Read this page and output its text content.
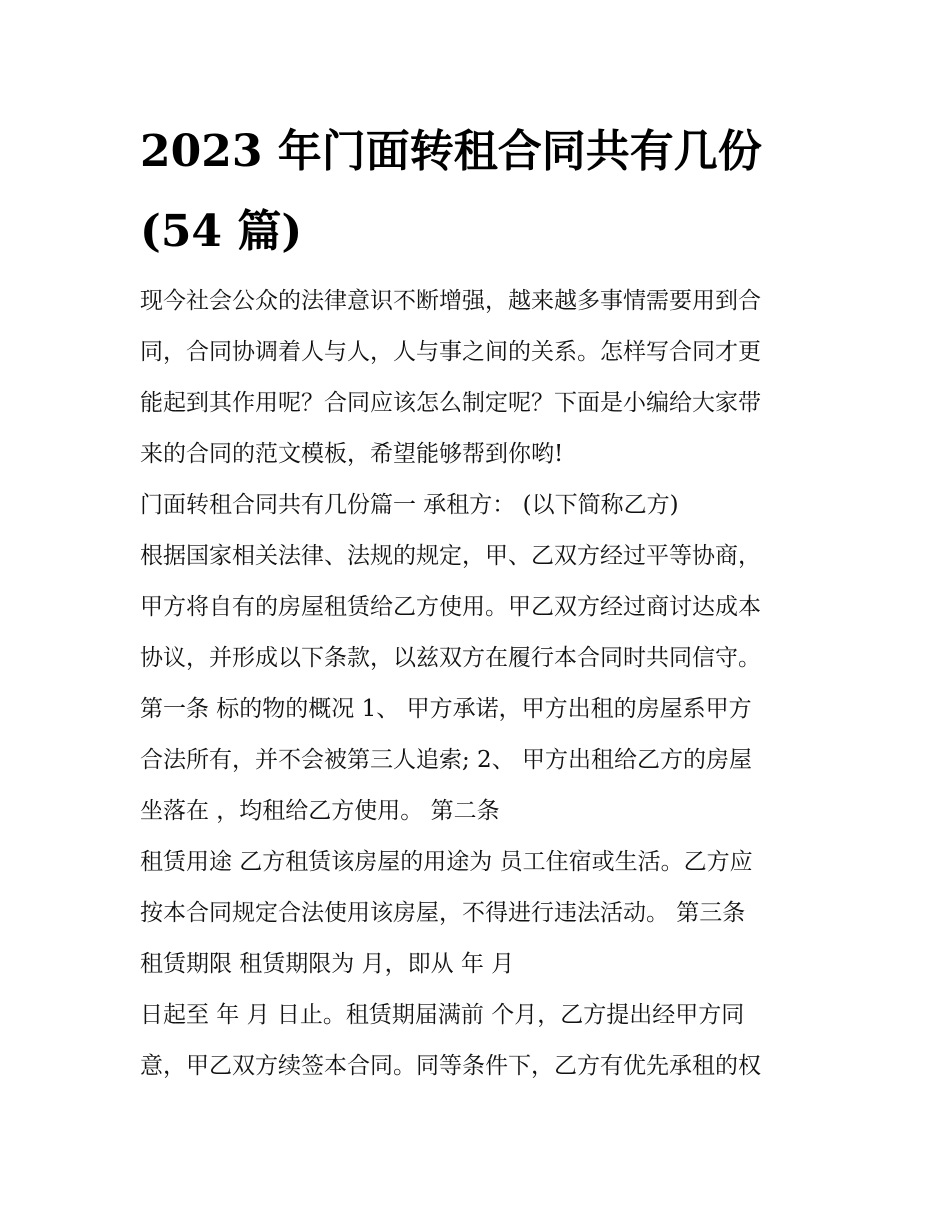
2023 年门面转租合同共有几份
(54 篇)
现今社会公众的法律意识不断增强，越来越多事情需要用到合
同，合同协调着人与人，人与事之间的关系。怎样写合同才更
能起到其作用呢？合同应该怎么制定呢？下面是小编给大家带
来的合同的范文模板，希望能够帮到你哟!
门面转租合同共有几份篇一 承租方： (以下简称乙方)
根据国家相关法律、法规的规定，甲、乙双方经过平等协商，
甲方将自有的房屋租赁给乙方使用。甲乙双方经过商讨达成本
协议，并形成以下条款，以兹双方在履行本合同时共同信守。
第一条 标的物的概况 1、 甲方承诺，甲方出租的房屋系甲方
合法所有，并不会被第三人追索; 2、 甲方出租给乙方的房屋
坐落在 ，均租给乙方使用。 第二条
租赁用途 乙方租赁该房屋的用途为 员工住宿或生活。乙方应
按本合同规定合法使用该房屋，不得进行违法活动。 第三条
租赁期限 租赁期限为 月，即从 年 月
日起至 年 月 日止。租赁期届满前 个月，乙方提出经甲方同
意，甲乙双方续签本合同。同等条件下，乙方有优先承租的权
